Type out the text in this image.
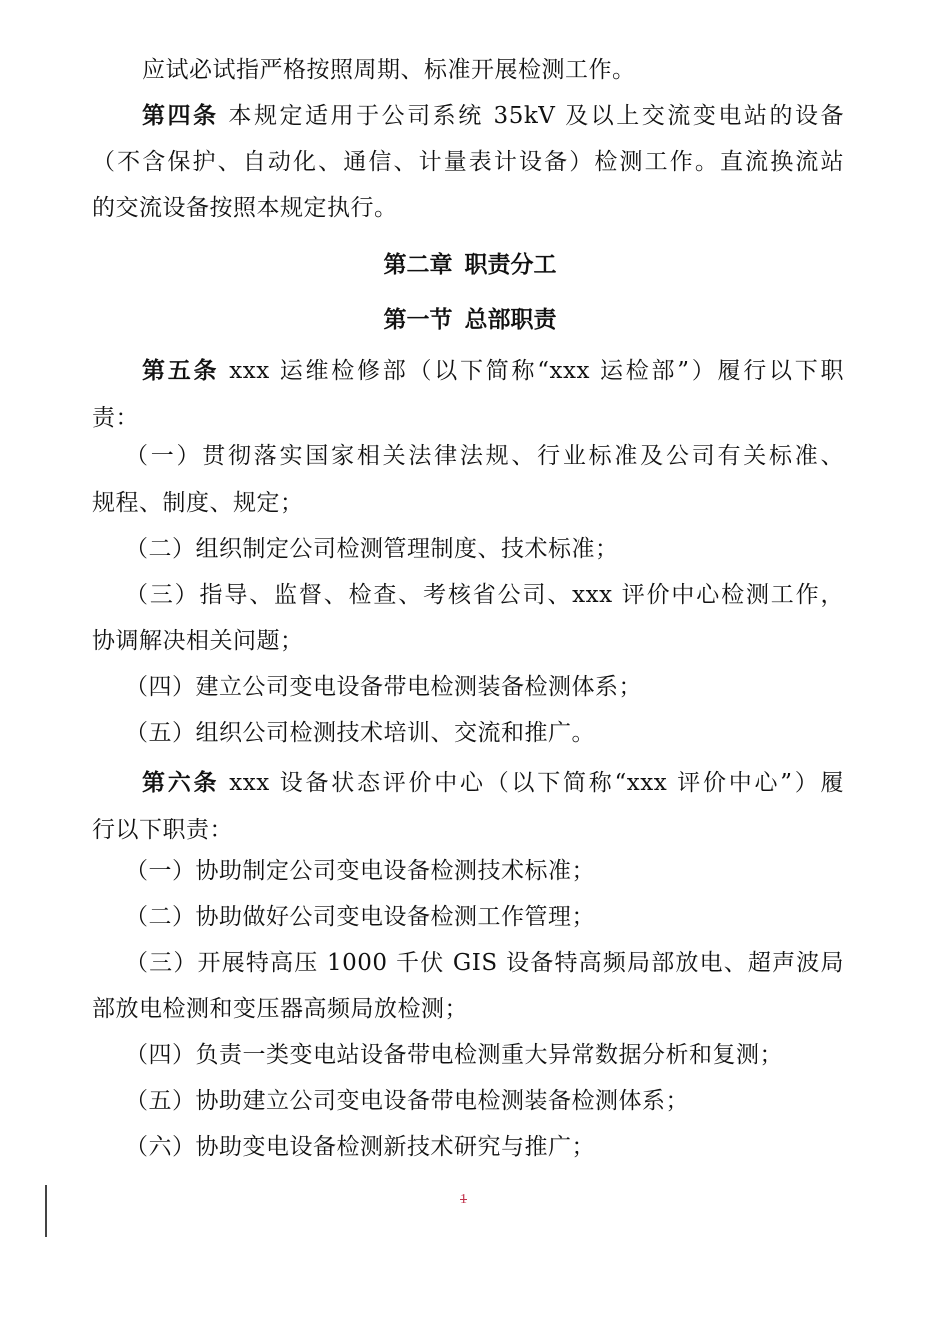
应试必试指严格按照周期、标准开展检测工作。
第四条 本规定适用于公司系统 35kV 及以上交流变电站的设备
（不含保护、自动化、通信、计量表计设备）检测工作。直流换流站
的交流设备按照本规定执行。
第二章 职责分工
第一节 总部职责
第五条 xxx 运维检修部（以下简称“xxx 运检部”）履行以下职
责：
（一）贯彻落实国家相关法律法规、行业标准及公司有关标准、
规程、制度、规定；
（二）组织制定公司检测管理制度、技术标准；
（三）指导、监督、检查、考核省公司、xxx 评价中心检测工作，
协调解决相关问题；
（四）建立公司变电设备带电检测装备检测体系；
（五）组织公司检测技术培训、交流和推广。
第六条 xxx 设备状态评价中心（以下简称“xxx 评价中心”）履
行以下职责：
（一）协助制定公司变电设备检测技术标准；
（二）协助做好公司变电设备检测工作管理；
（三）开展特高压 1000 千伏 GIS 设备特高频局部放电、超声波局
部放电检测和变压器高频局放检测；
（四）负责一类变电站设备带电检测重大异常数据分析和复测；
（五）协助建立公司变电设备带电检测装备检测体系；
（六）协助变电设备检测新技术研究与推广；
1
